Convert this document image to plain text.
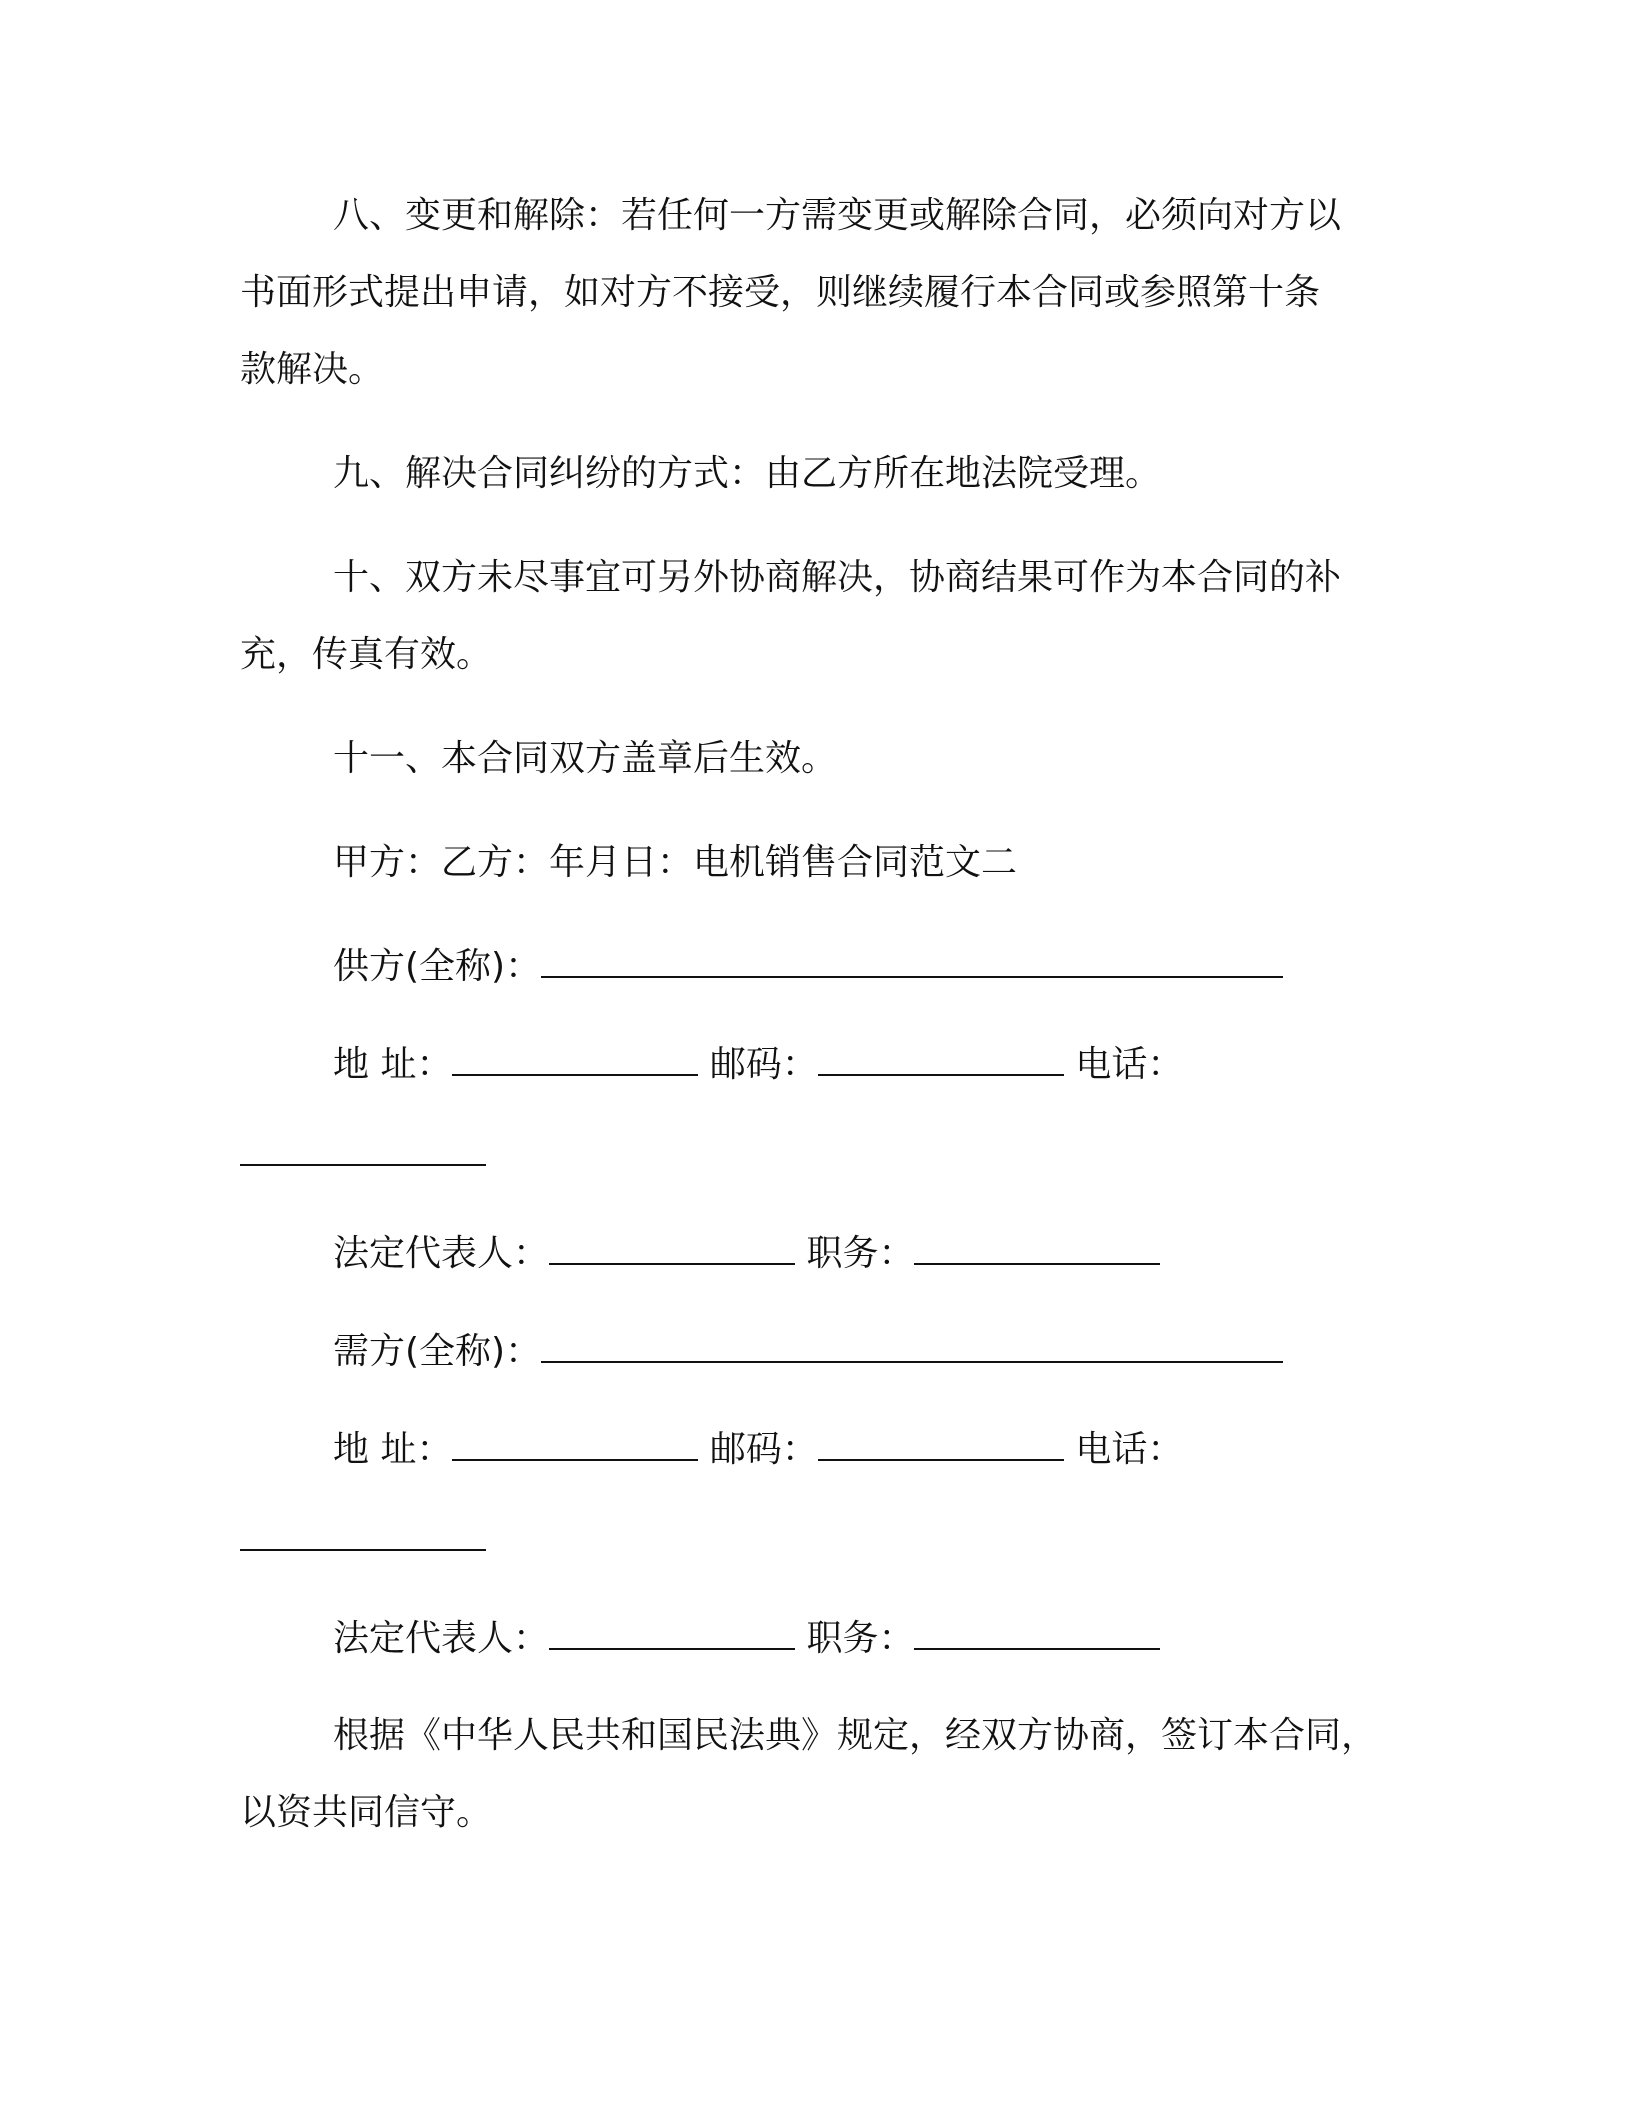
八、变更和解除：若任何一方需变更或解除合同，必须向对方以
书面形式提出申请，如对方不接受，则继续履行本合同或参照第十条
款解决。
九、解决合同纠纷的方式：由乙方所在地法院受理。
十、双方未尽事宜可另外协商解决，协商结果可作为本合同的补
充，传真有效。
十一、本合同双方盖章后生效。
甲方：乙方：年月日：电机销售合同范文二
供方(全称)：
地 址：	邮码：	电话：
法定代表人：	职务：
需方(全称)：
地 址：	邮码：	电话：
法定代表人：	职务：
根据《中华人民共和国民法典》规定，经双方协商，签订本合同，
以资共同信守。
